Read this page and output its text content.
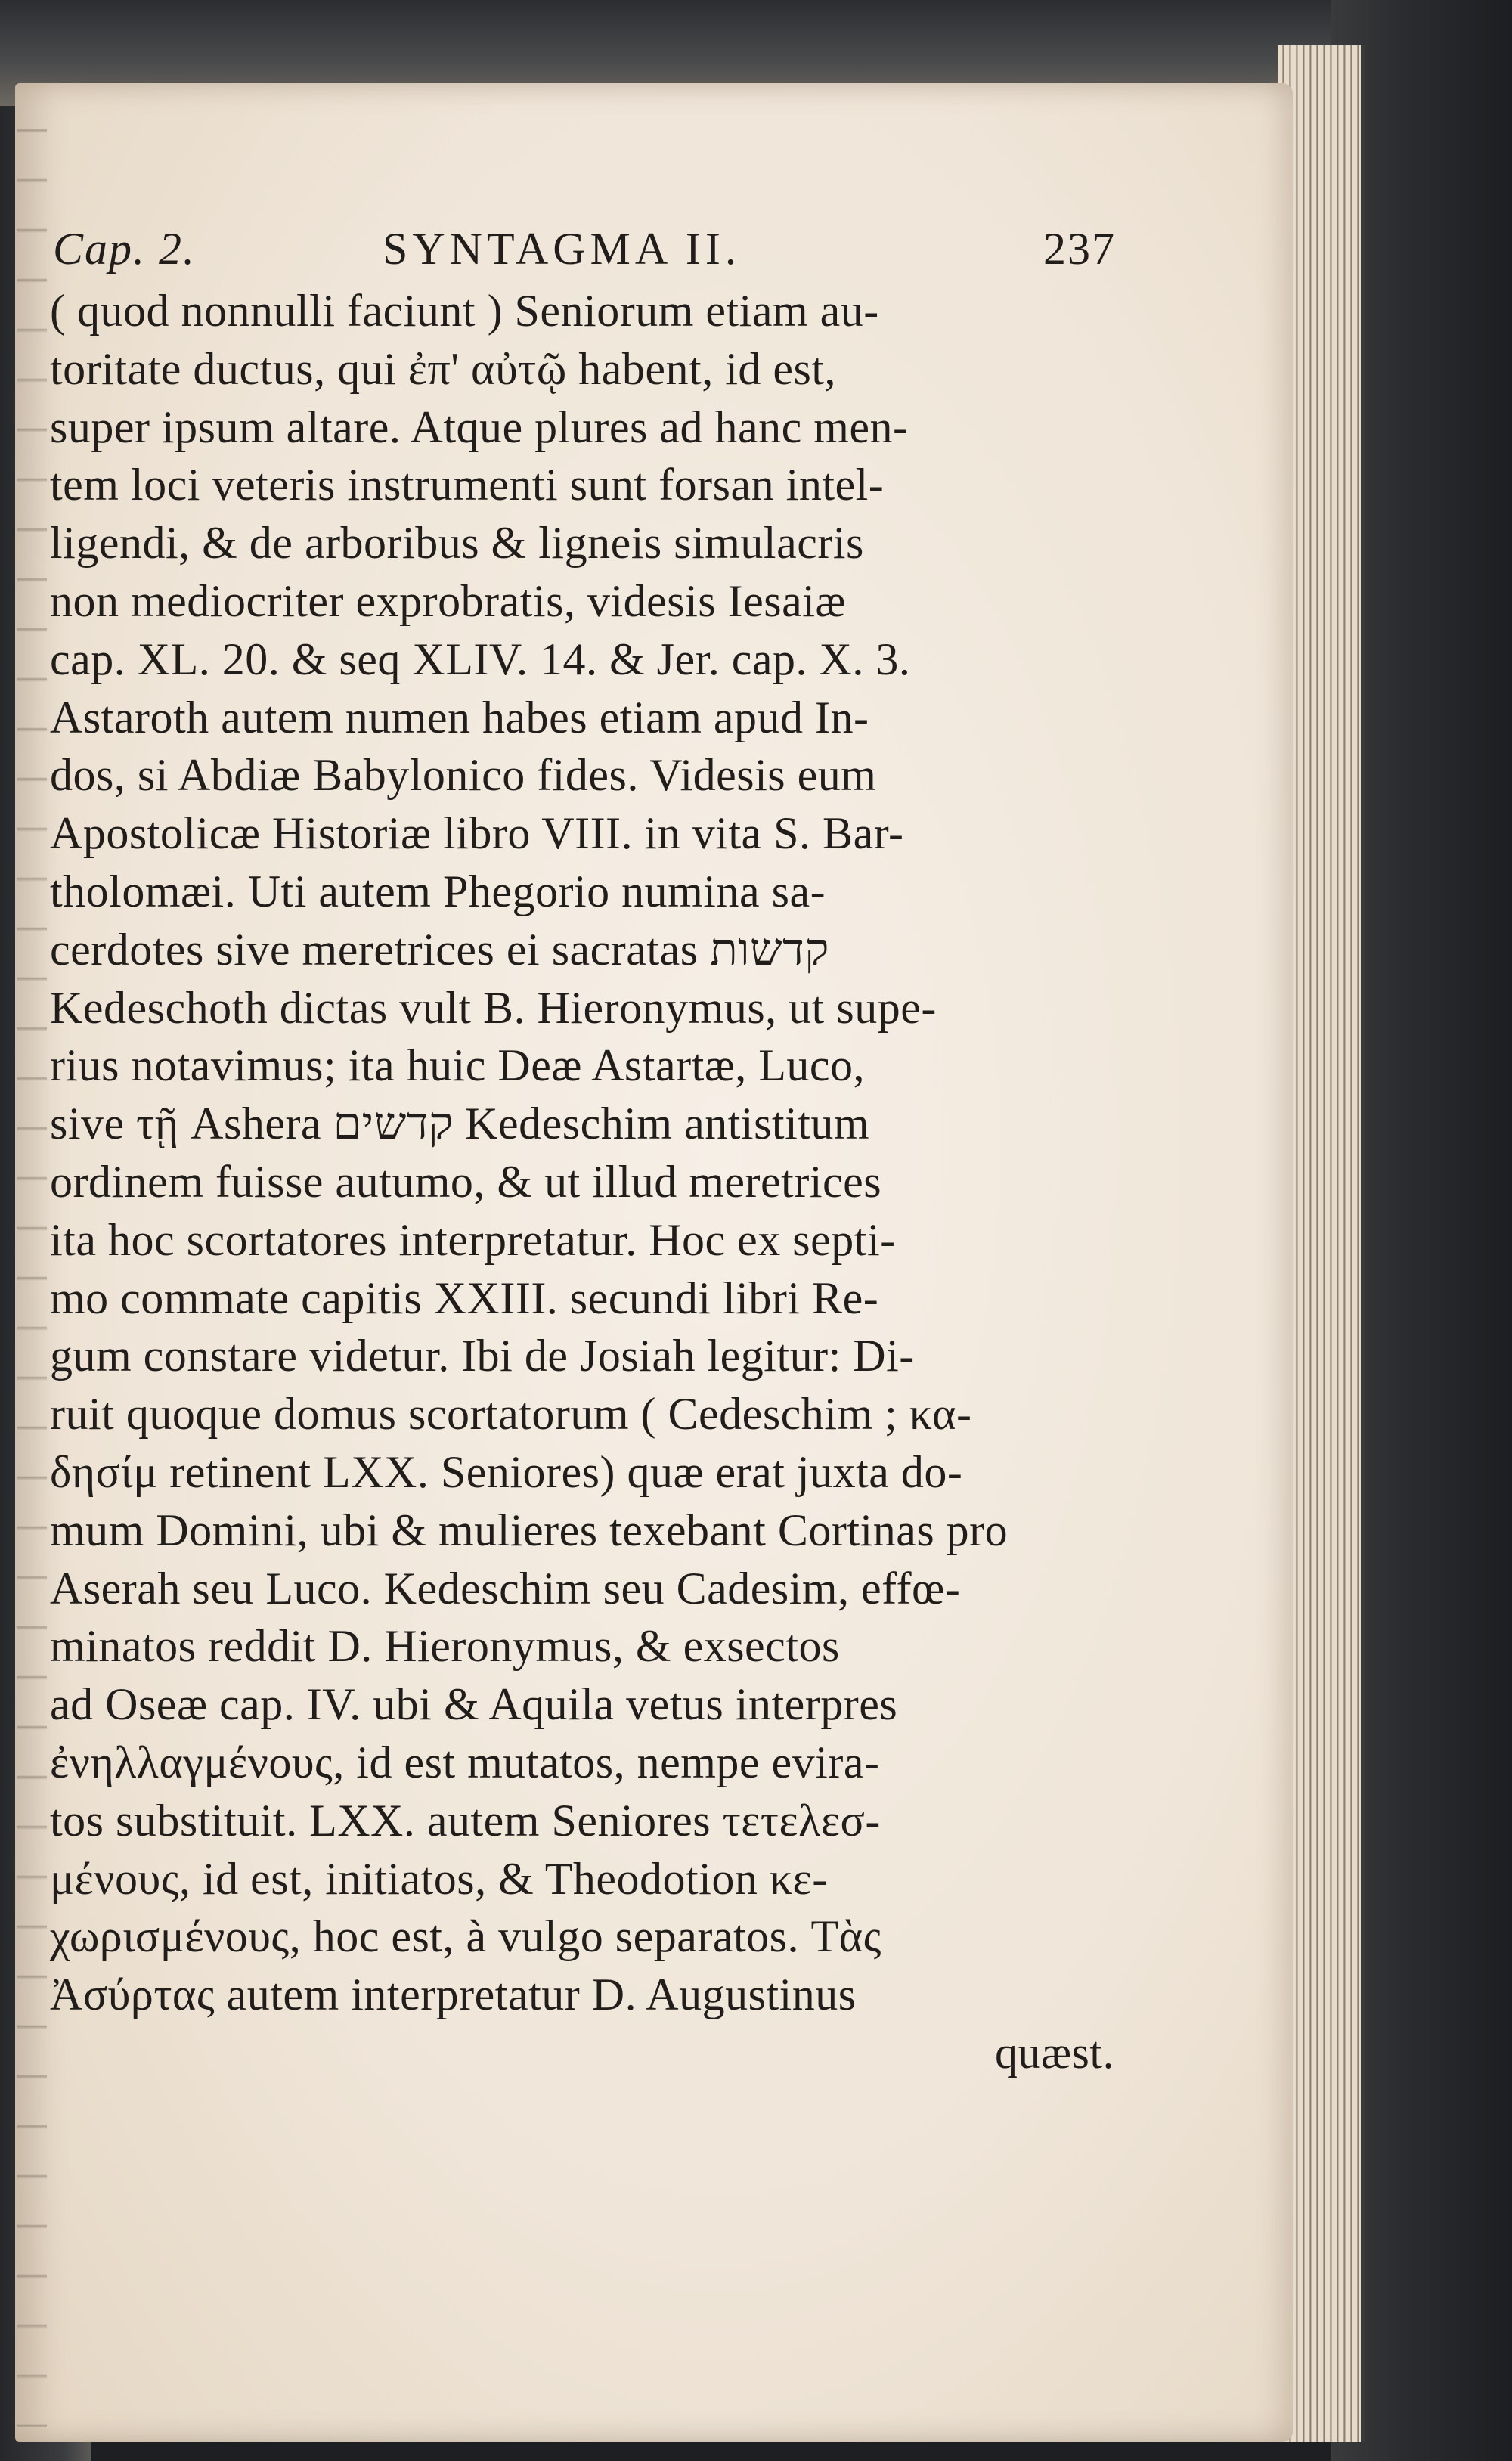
Cap. 2.	SYNTAGMA II.	237
( quod nonnulli faciunt ) Seniorum etiam au-
toritate ductus, qui ἐπ' αὐτῷ habent, id est,
super ipsum altare. Atque plures ad hanc men-
tem loci veteris instrumenti sunt forsan intel-
ligendi, & de arboribus & ligneis simulacris
non mediocriter exprobratis, videsis Iesaiæ
cap. XL. 20. & seq XLIV. 14. & Jer. cap. X. 3.
Astaroth autem numen habes etiam apud In-
dos, si Abdiæ Babylonico fides. Videsis eum
Apostolicæ Historiæ libro VIII. in vita S. Bar-
tholomæi. Uti autem Phegorio numina sa-
cerdotes sive meretrices ei sacratas קדשות
Kedeschoth dictas vult B. Hieronymus, ut supe-
rius notavimus; ita huic Deæ Astartæ, Luco,
sive τῇ Ashera קדשים Kedeschim antistitum
ordinem fuisse autumo, & ut illud meretrices
ita hoc scortatores interpretatur. Hoc ex septi-
mo commate capitis XXIII. secundi libri Re-
gum constare videtur. Ibi de Josiah legitur: Di-
ruit quoque domus scortatorum ( Cedeschim ; κα-
δησίμ retinent LXX. Seniores) quæ erat juxta do-
mum Domini, ubi & mulieres texebant Cortinas pro
Aserah seu Luco. Kedeschim seu Cadesim, effœ-
minatos reddit D. Hieronymus, & exsectos
ad Oseæ cap. IV. ubi & Aquila vetus interpres
ἐνηλλαγμένους, id est mutatos, nempe evira-
tos substituit. LXX. autem Seniores τετελεσ-
μένους, id est, initiatos, & Theodotion κε-
χωρισμένους, hoc est, à vulgo separatos. Τὰς
Ἀσύρτας autem interpretatur D. Augustinus
quæst.
